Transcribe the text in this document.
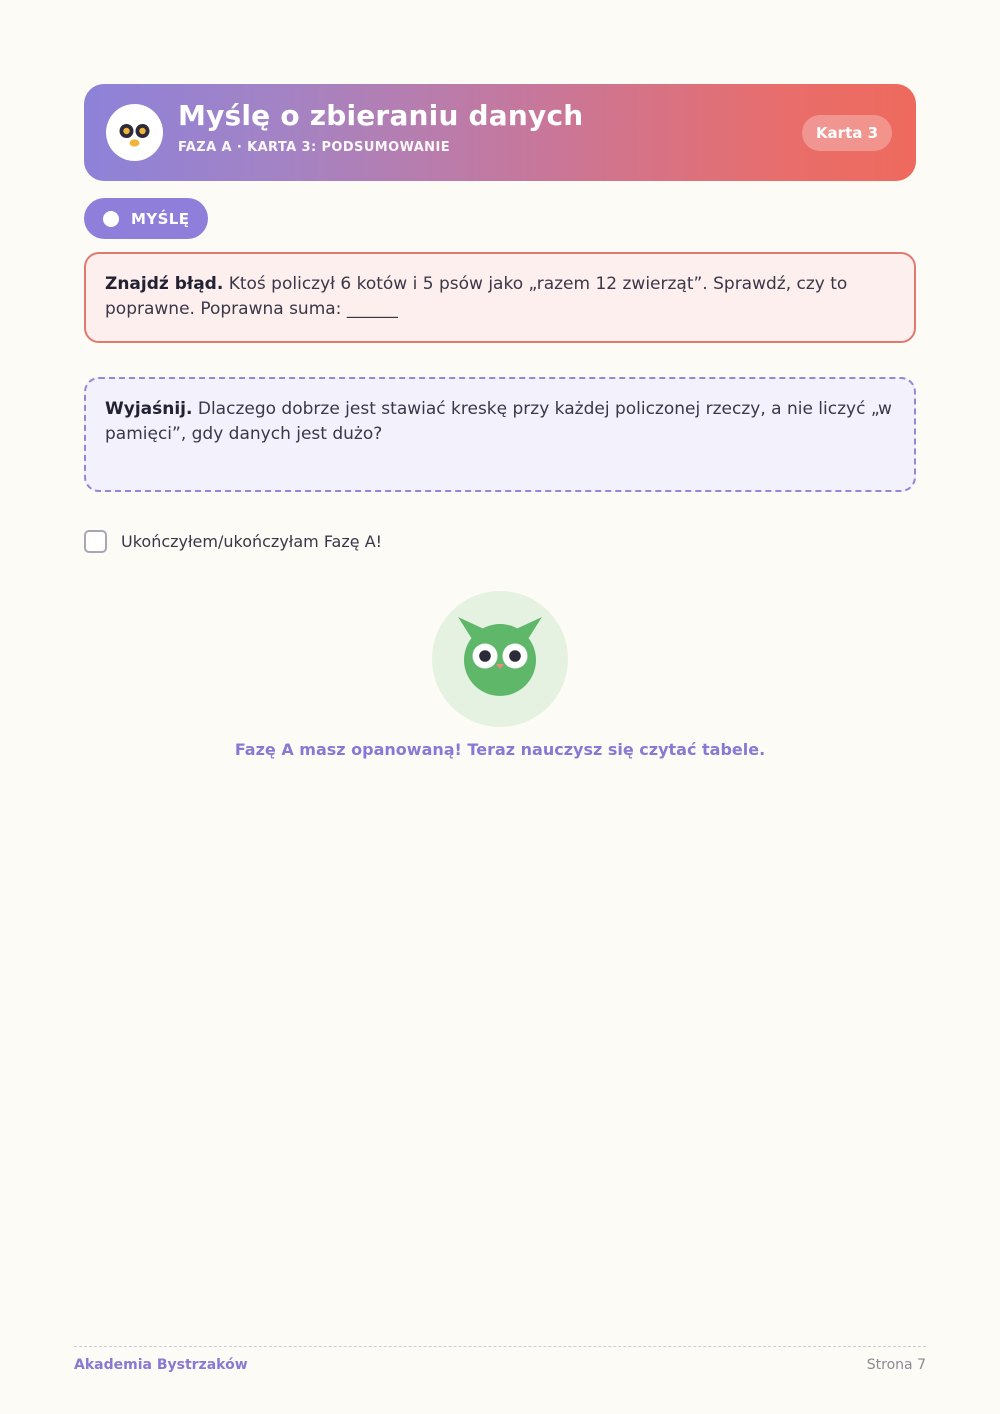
Myślę o zbieraniu danych
FAZA A · KARTA 3: PODSUMOWANIE
Karta 3
MYŚLĘ
Znajdź błąd. Ktoś policzył 6 kotów i 5 psów jako „razem 12 zwierząt”. Sprawdź, czy to poprawne. Poprawna suma: ______
Wyjaśnij. Dlaczego dobrze jest stawiać kreskę przy każdej policzonej rzeczy, a nie liczyć „w pamięci”, gdy danych jest dużo?
Ukończyłem/ukończyłam Fazę A!
Fazę A masz opanowaną! Teraz nauczysz się czytać tabele.
Akademia Bystrzaków	Strona 7
